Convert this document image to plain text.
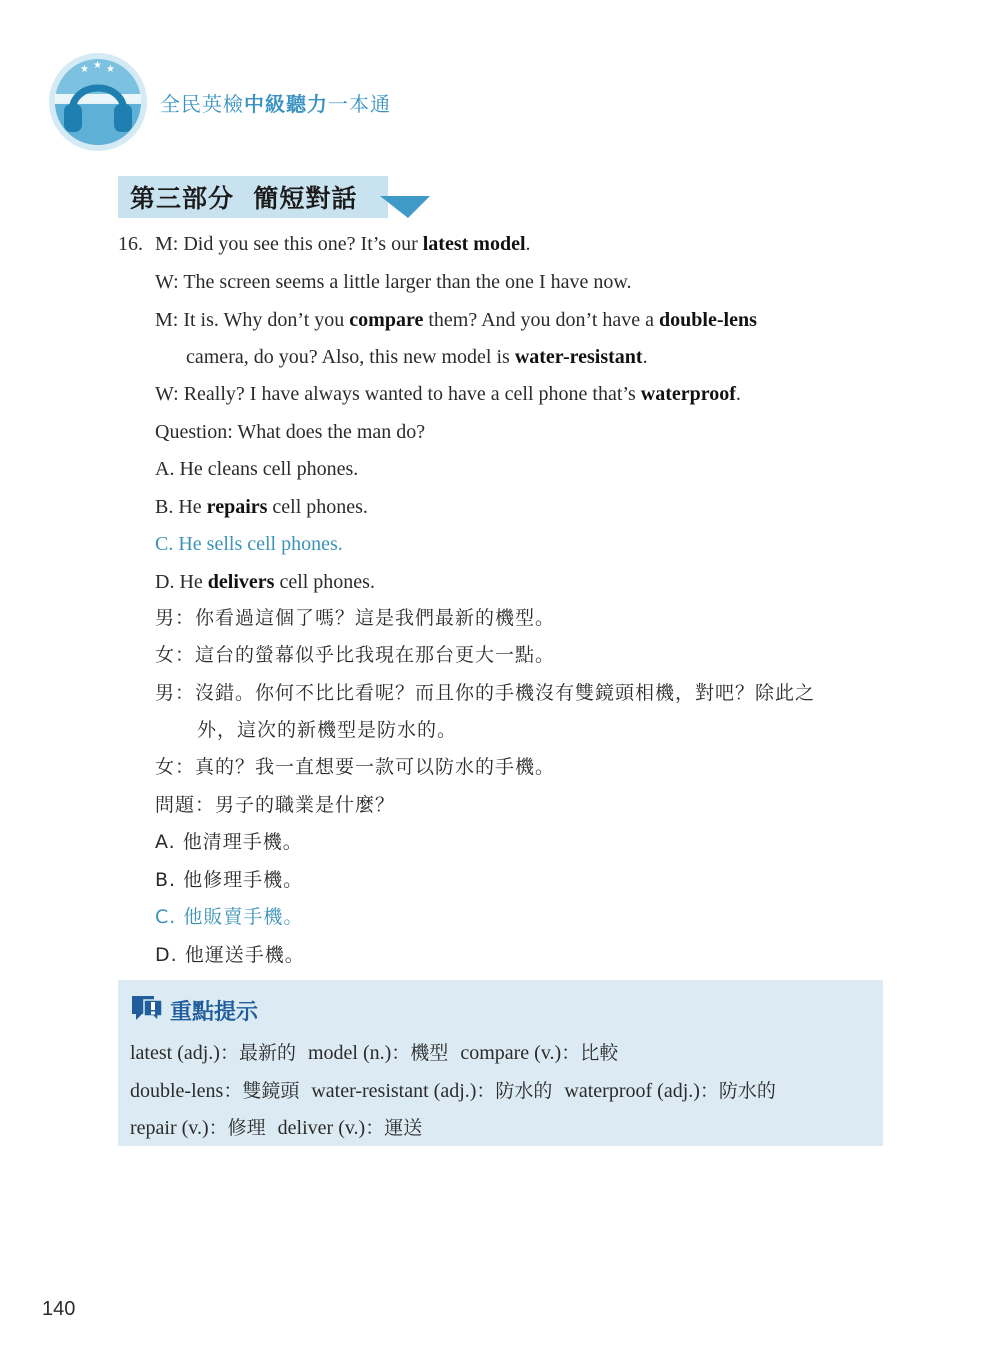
★ ★ ★
全民英檢中級聽力一本通
第三部分  簡短對話
16. M: Did you see this one? It’s our latest model.
W: The screen seems a little larger than the one I have now.
M: It is. Why don’t you compare them? And you don’t have a double-lens
camera, do you? Also, this new model is water-resistant.
W: Really? I have always wanted to have a cell phone that’s waterproof.
Question: What does the man do?
A. He cleans cell phones.
B. He repairs cell phones.
C. He sells cell phones.
D. He delivers cell phones.
男：你看過這個了嗎？這是我們最新的機型。
女：這台的螢幕似乎比我現在那台更大一點。
男：沒錯。你何不比比看呢？而且你的手機沒有雙鏡頭相機，對吧？除此之
外，這次的新機型是防水的。
女：真的？我一直想要一款可以防水的手機。
問題：男子的職業是什麼？
A. 他清理手機。
B. 他修理手機。
C. 他販賣手機。
D. 他運送手機。
重點提示
latest (adj.)：最新的 model (n.)：機型 compare (v.)：比較
double-lens：雙鏡頭 water-resistant (adj.)：防水的 waterproof (adj.)：防水的
repair (v.)：修理 deliver (v.)：運送
140
